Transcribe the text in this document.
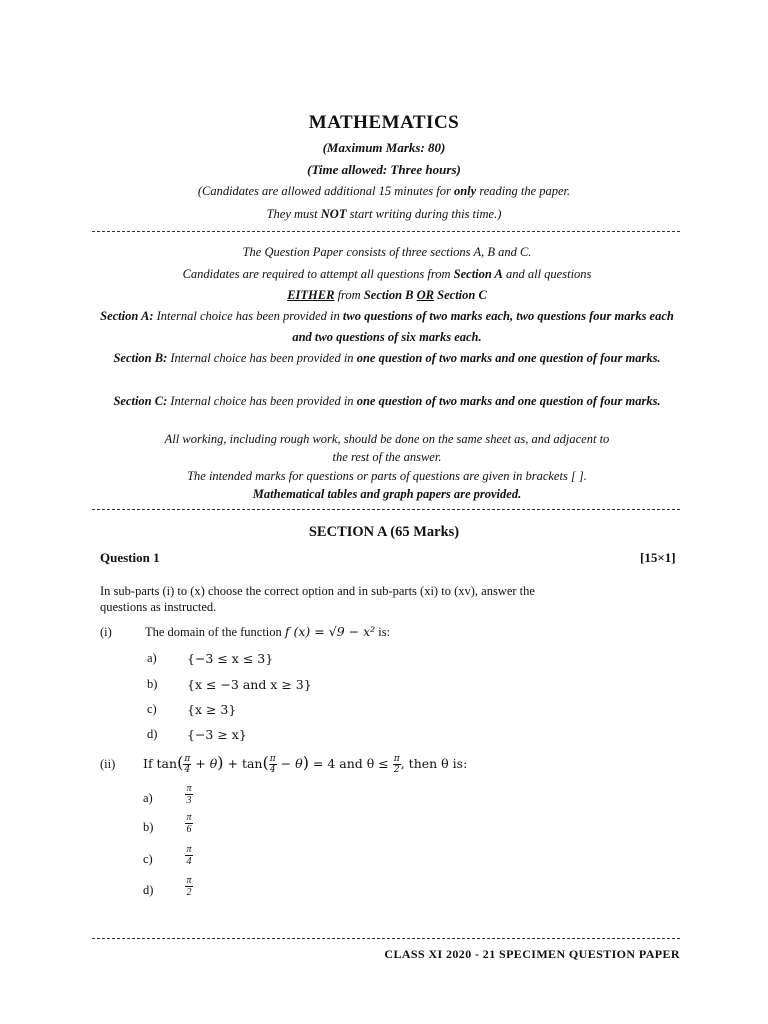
MATHEMATICS
(Maximum Marks: 80)
(Time allowed: Three hours)
(Candidates are allowed additional 15 minutes for only reading the paper.
They must NOT start writing during this time.)
The Question Paper consists of three sections A, B and C.
Candidates are required to attempt all questions from Section A and all questions
EITHER from Section B OR Section C
Section A: Internal choice has been provided in two questions of two marks each, two questions four marks each and two questions of six marks each.
Section B: Internal choice has been provided in one question of two marks and one question of four marks.
Section C: Internal choice has been provided in one question of two marks and one question of four marks.
All working, including rough work, should be done on the same sheet as, and adjacent to
the rest of the answer.
The intended marks for questions or parts of questions are given in brackets [ ].
Mathematical tables and graph papers are provided.
SECTION A (65 Marks)
Question 1	[15×1]
In sub-parts (i) to (x) choose the correct option and in sub-parts (xi) to (xv), answer the
questions as instructed.
(i)	The domain of the function f (x) = √9 − x² is:
a) {−3 ≤ x ≤ 3}
b) {x ≤ −3 and x ≥ 3}
c) {x ≥ 3}
d) {−3 ≥ x}
(ii) If $\tan( \frac{\pi}{4} + \theta) + \tan( \frac{\pi}{4} - \theta) = 4$ and $\theta \le \frac{\pi}{2}$ , then θ is:
a)	$\frac{\pi}{3}$
b)	$\frac{\pi}{6}$
c)	$\frac{\pi}{4}$
d)	$\frac{\pi}{2}$
CLASS XI 2020 - 21 SPECIMEN QUESTION PAPER
